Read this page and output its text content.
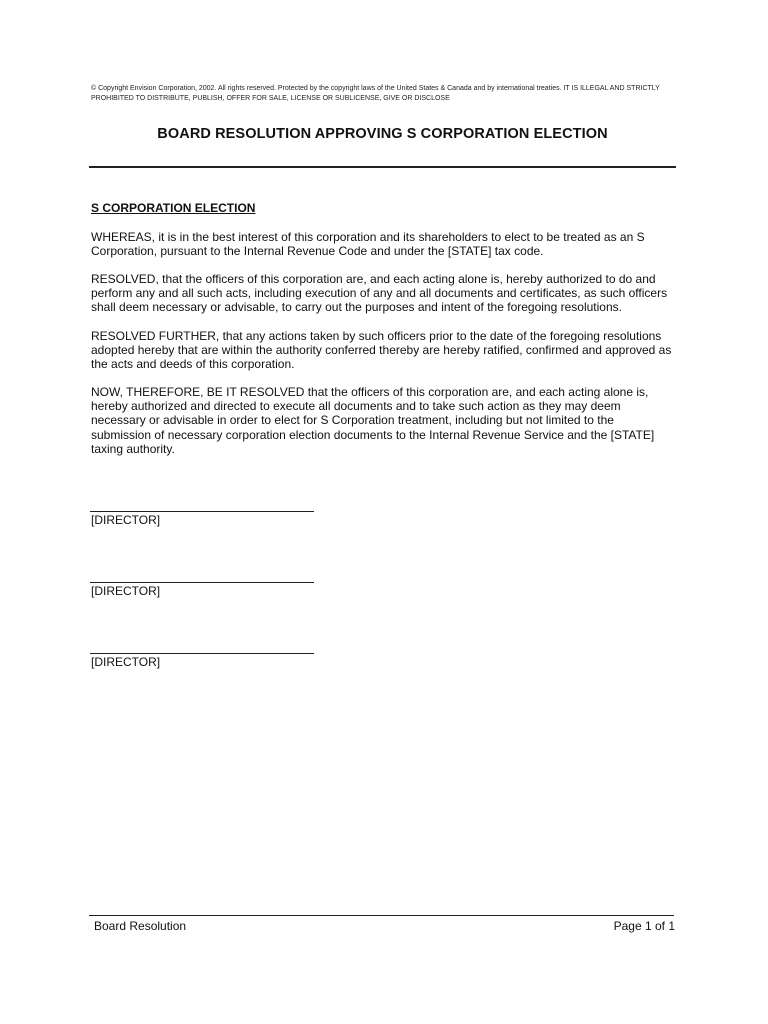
© Copyright Envision Corporation, 2002. All rights reserved. Protected by the copyright laws of the United States & Canada and by international treaties. IT IS ILLEGAL AND STRICTLY
PROHIBITED TO DISTRIBUTE, PUBLISH, OFFER FOR SALE, LICENSE OR SUBLICENSE, GIVE OR DISCLOSE
BOARD RESOLUTION APPROVING S CORPORATION ELECTION
S CORPORATION ELECTION
WHEREAS, it is in the best interest of this corporation and its shareholders to elect to be treated as an S Corporation, pursuant to the Internal Revenue Code and under the [STATE] tax code.
RESOLVED, that the officers of this corporation are, and each acting alone is, hereby authorized to do and perform any and all such acts, including execution of any and all documents and certificates, as such officers shall deem necessary or advisable, to carry out the purposes and intent of the foregoing resolutions.
RESOLVED FURTHER, that any actions taken by such officers prior to the date of the foregoing resolutions adopted hereby that are within the authority conferred thereby are hereby ratified, confirmed and approved as the acts and deeds of this corporation.
NOW, THEREFORE, BE IT RESOLVED that the officers of this corporation are, and each acting alone is, hereby authorized and directed to execute all documents and to take such action as they may deem necessary or advisable in order to elect for S Corporation treatment, including but not limited to the submission of necessary corporation election documents to the Internal Revenue Service and the [STATE] taxing authority.
[DIRECTOR]
[DIRECTOR]
[DIRECTOR]
Board Resolution	Page 1 of 1
